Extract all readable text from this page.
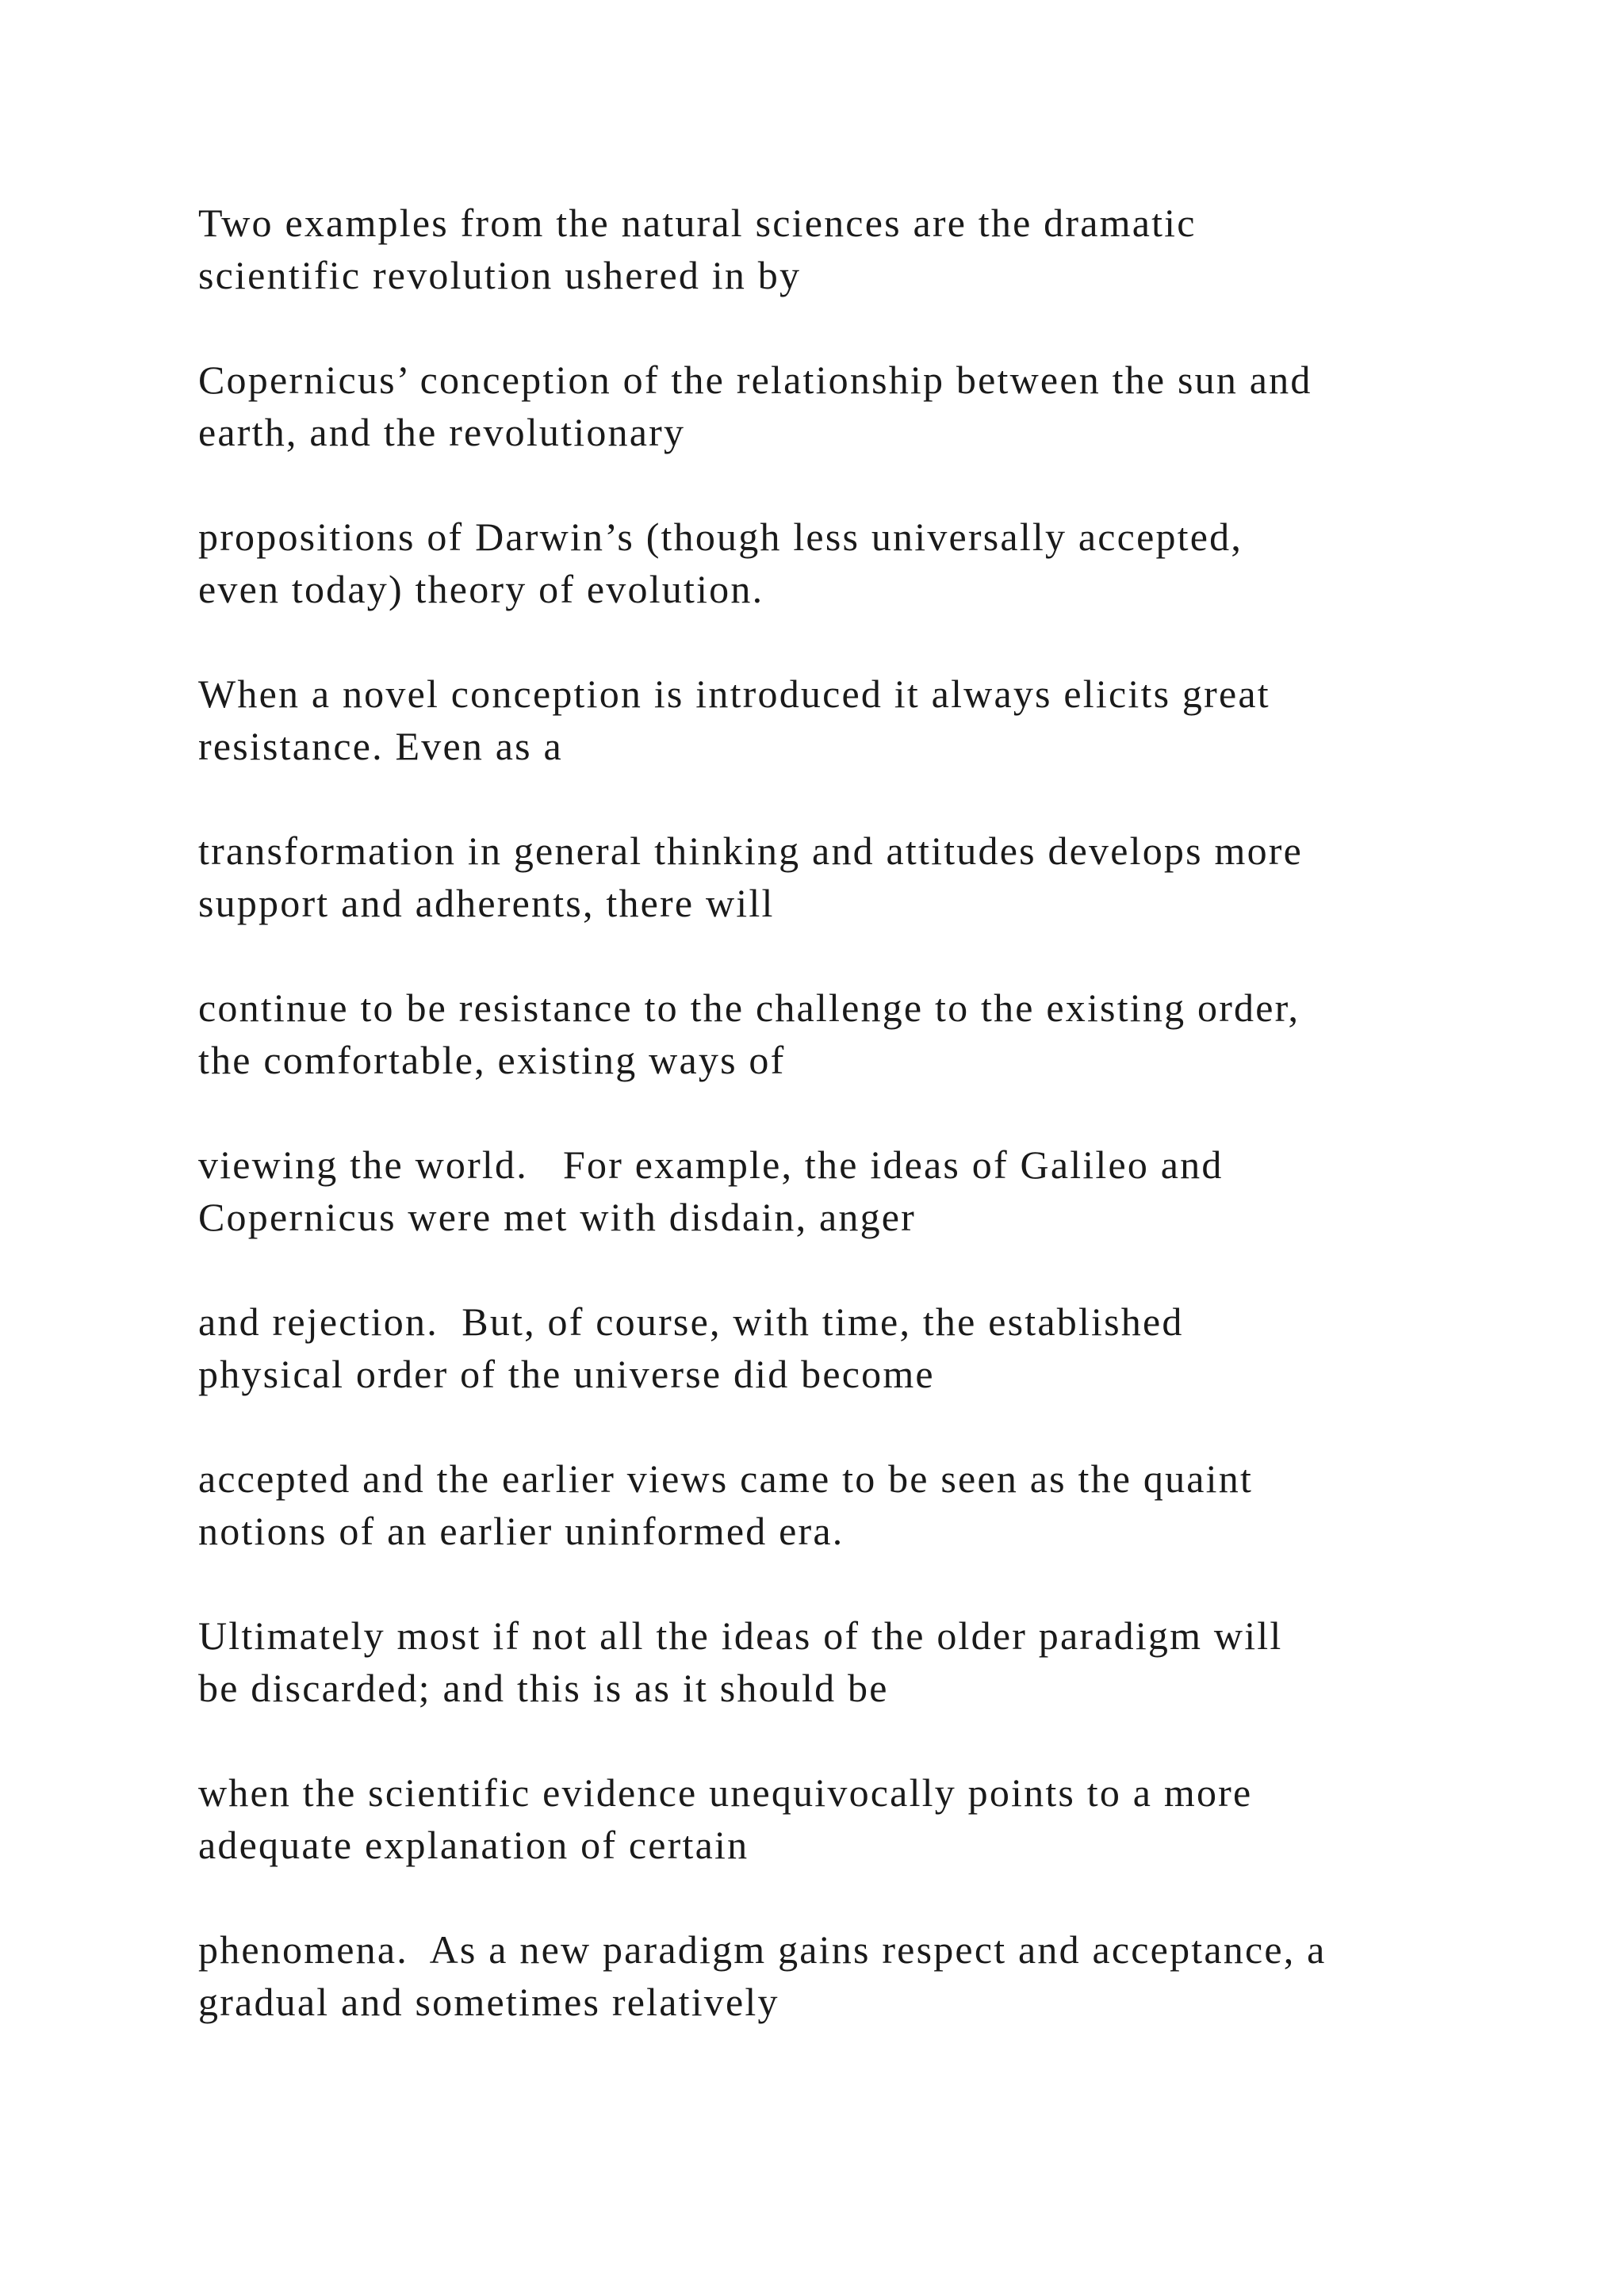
Two examples from the natural sciences are the dramatic
scientific revolution ushered in by

Copernicus’ conception of the relationship between the sun and
earth, and the revolutionary

propositions of Darwin’s (though less universally accepted,
even today) theory of evolution.

When a novel conception is introduced it always elicits great
resistance. Even as a

transformation in general thinking and attitudes develops more
support and adherents, there will

continue to be resistance to the challenge to the existing order,
the comfortable, existing ways of

viewing the world.   For example, the ideas of Galileo and
Copernicus were met with disdain, anger

and rejection.  But, of course, with time, the established
physical order of the universe did become

accepted and the earlier views came to be seen as the quaint
notions of an earlier uninformed era.

Ultimately most if not all the ideas of the older paradigm will
be discarded; and this is as it should be

when the scientific evidence unequivocally points to a more
adequate explanation of certain

phenomena.  As a new paradigm gains respect and acceptance, a
gradual and sometimes relatively
